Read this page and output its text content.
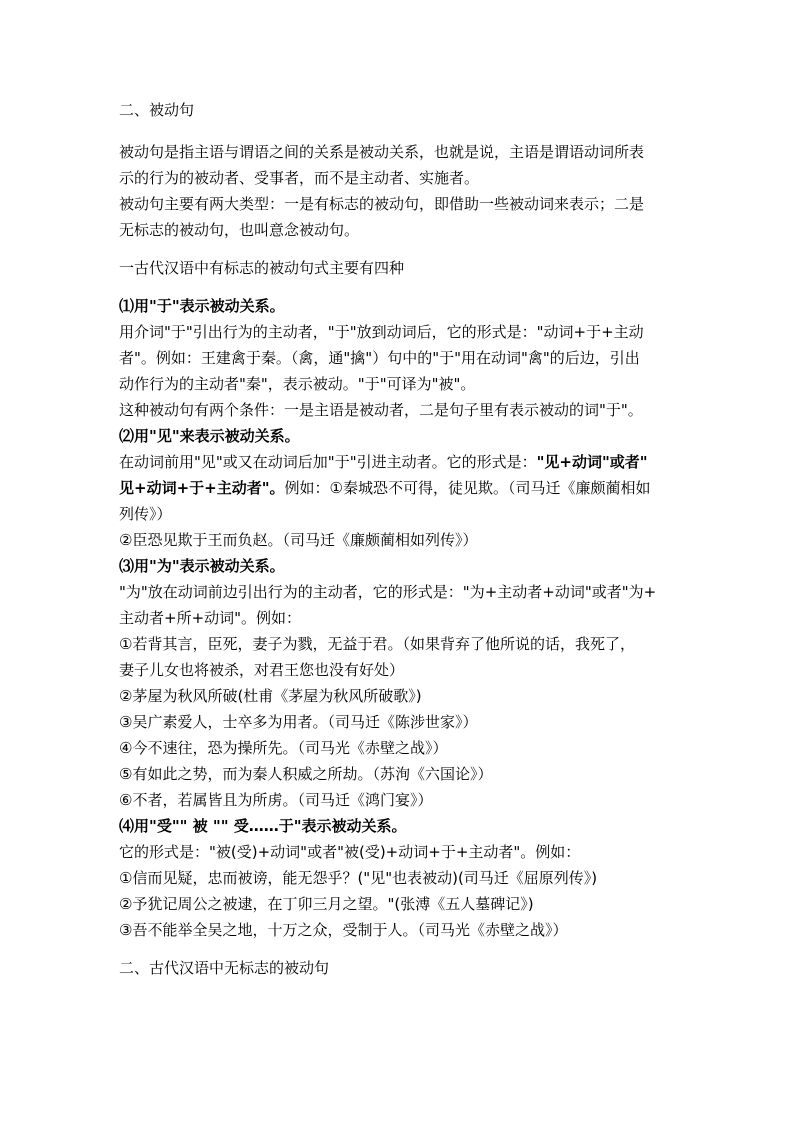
二、被动句
被动句是指主语与谓语之间的关系是被动关系，也就是说，主语是谓语动词所表
示的行为的被动者、受事者，而不是主动者、实施者。
被动句主要有两大类型：一是有标志的被动句，即借助一些被动词来表示；二是
无标志的被动句，也叫意念被动句。
一古代汉语中有标志的被动句式主要有四种
⑴用"于"表示被动关系。
用介词"于"引出行为的主动者，"于"放到动词后，它的形式是："动词+于+主动
者"。例如：王建禽于秦。（禽，通"擒"）句中的"于"用在动词"禽"的后边，引出
动作行为的主动者"秦"，表示被动。"于"可译为"被"。
这种被动句有两个条件：一是主语是被动者，二是句子里有表示被动的词"于"。
⑵用"见"来表示被动关系。
在动词前用"见"或又在动词后加"于"引进主动者。它的形式是："见+动词"或者"
见+动词+于+主动者"。例如：①秦城恐不可得，徒见欺。（司马迁《廉颇蔺相如
列传》）
②臣恐见欺于王而负赵。（司马迁《廉颇蔺相如列传》）
⑶用"为"表示被动关系。
"为"放在动词前边引出行为的主动者，它的形式是："为+主动者+动词"或者"为+
主动者+所+动词"。例如：
①若背其言，臣死，妻子为戮，无益于君。（如果背弃了他所说的话，我死了，
妻子儿女也将被杀，对君王您也没有好处）
②茅屋为秋风所破(杜甫《茅屋为秋风所破歌》)
③吴广素爱人，士卒多为用者。（司马迁《陈涉世家》）
④今不速往，恐为操所先。（司马光《赤壁之战》）
⑤有如此之势，而为秦人积威之所劫。（苏洵《六国论》）
⑥不者，若属皆且为所虏。（司马迁《鸿门宴》）
⑷用"受"" 被 "" 受……于"表示被动关系。
它的形式是："被(受)+动词"或者"被(受)+动词+于+主动者"。例如：
①信而见疑，忠而被谤，能无怨乎？("见"也表被动)(司马迁《屈原列传》)
②予犹记周公之被逮，在丁卯三月之望。"(张溥《五人墓碑记》)
③吾不能举全吴之地，十万之众，受制于人。（司马光《赤壁之战》）
二、古代汉语中无标志的被动句
